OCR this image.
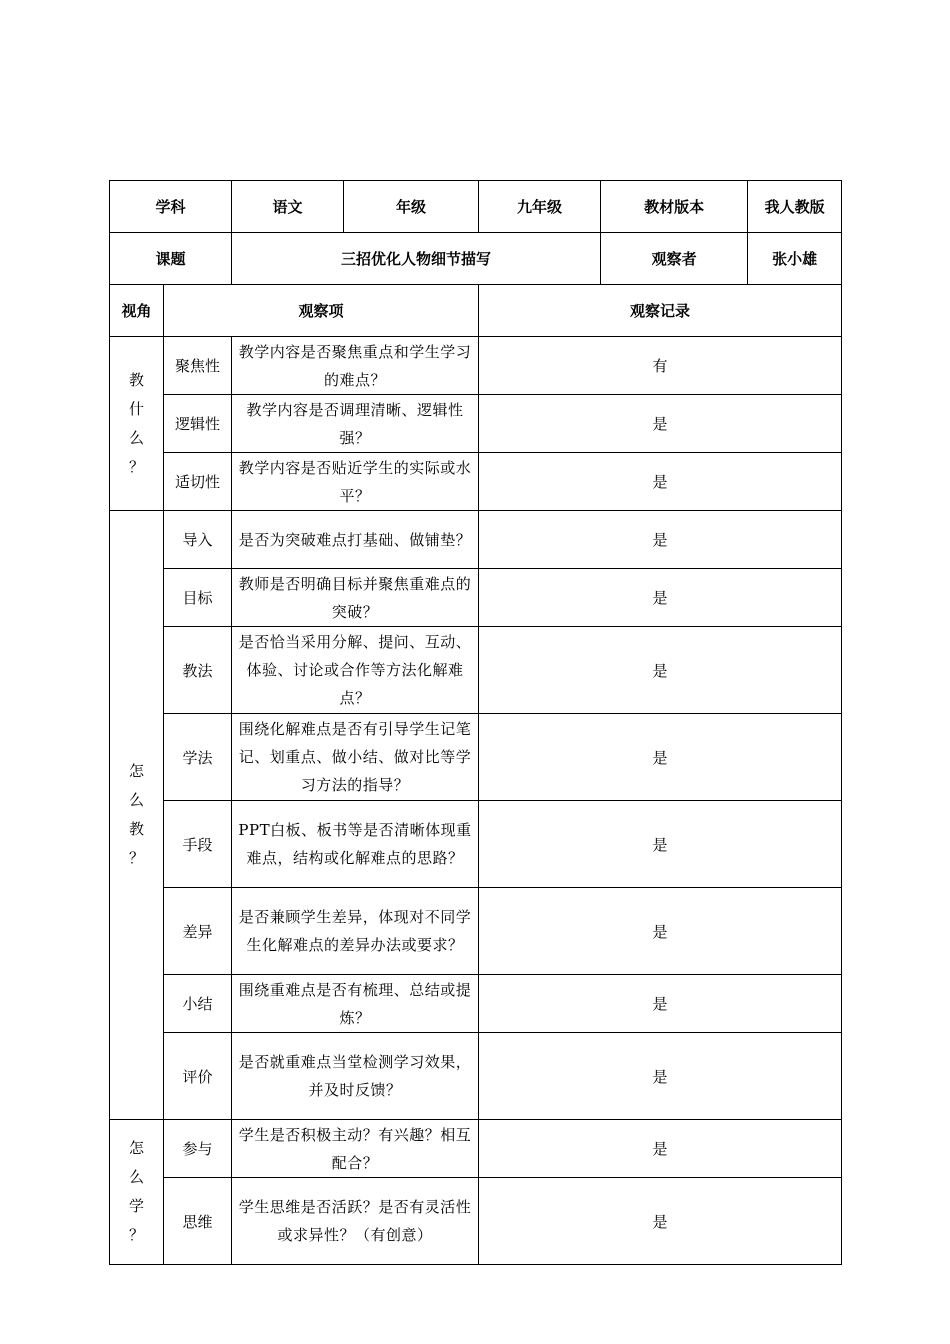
学科		语文	年级	九年级	教材版本	我人教版
课题		三招优化人物细节描写			观察者	张小雄
视角	观察项			观察记录		

教
什
么
？	聚焦性	教学内容是否聚焦重点和学生学习的难点？		有		
	逻辑性	教学内容是否调理清晰、逻辑性强？		是		
	适切性	教学内容是否贴近学生的实际或水平？		是		

怎
么
教
？	导入	是否为突破难点打基础、做铺垫？		是		
	目标	教师是否明确目标并聚焦重难点的突破？		是		
	教法	是否恰当采用分解、提问、互动、体验、讨论或合作等方法化解难点？		是		
	学法	围绕化解难点是否有引导学生记笔记、划重点、做小结、做对比等学习方法的指导？		是		
	手段	PPT白板、板书等是否清晰体现重难点，结构或化解难点的思路？		是		
	差异	是否兼顾学生差异，体现对不同学生化解难点的差异办法或要求？		是		
	小结	围绕重难点是否有梳理、总结或提炼？		是		
	评价	是否就重难点当堂检测学习效果，并及时反馈？		是		

怎
么
学
？	参与	学生是否积极主动？有兴趣？相互配合？		是		
	思维	学生思维是否活跃？是否有灵活性或求异性？（有创意）		是		
